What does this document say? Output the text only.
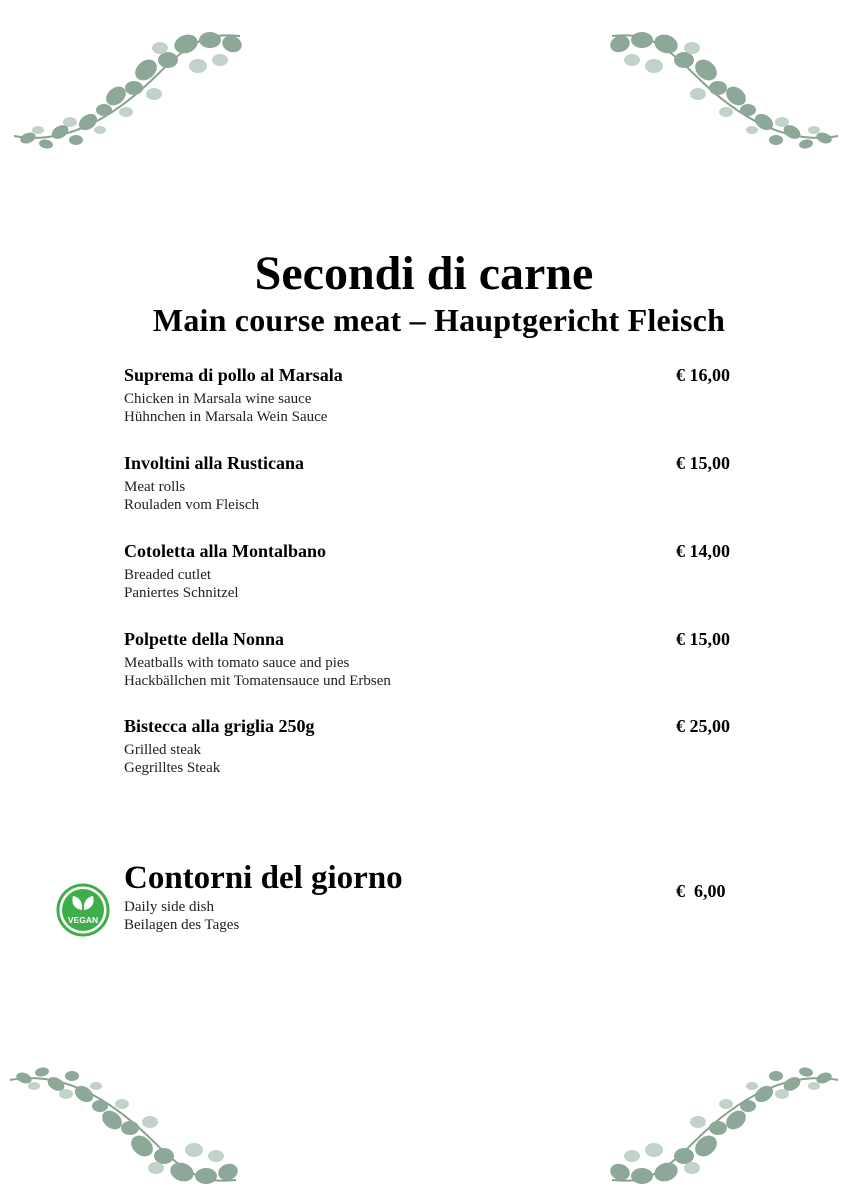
Secondi di carne
Main course meat – Hauptgericht Fleisch
Suprema di pollo al Marsala	€ 16,00
Chicken in Marsala wine sauce
Hühnchen in Marsala Wein Sauce
Involtini alla Rusticana	€ 15,00
Meat rolls
Rouladen vom Fleisch
Cotoletta alla Montalbano	€ 14,00
Breaded cutlet
Paniertes Schnitzel
Polpette della Nonna	€ 15,00
Meatballs with tomato sauce and pies
Hackbällchen mit Tomatensauce und Erbsen
Bistecca alla griglia 250g	€ 25,00
Grilled steak
Gegrilltes Steak
VEGAN
Contorni del giorno	€  6,00
Daily side dish
Beilagen des Tages
